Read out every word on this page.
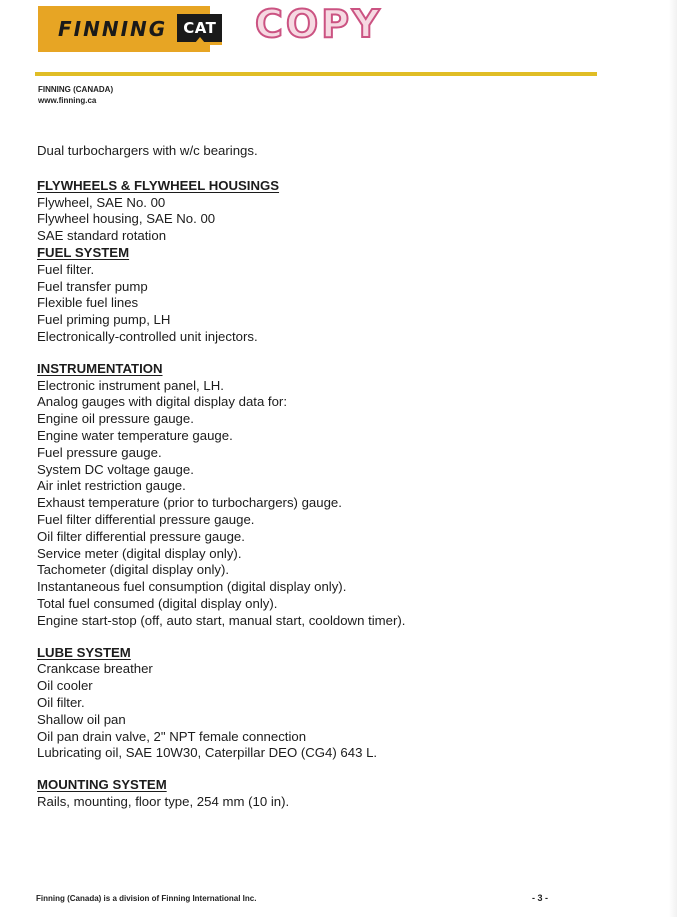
FINNING	CAT COPY
FINNING (CANADA)
www.finning.ca
Dual turbochargers with w/c bearings.
FLYWHEELS & FLYWHEEL HOUSINGS
Flywheel, SAE No. 00
Flywheel housing, SAE No. 00
SAE standard rotation
FUEL SYSTEM
Fuel filter.
Fuel transfer pump
Flexible fuel lines
Fuel priming pump, LH
Electronically-controlled unit injectors.
INSTRUMENTATION
Electronic instrument panel, LH.
Analog gauges with digital display data for:
Engine oil pressure gauge.
Engine water temperature gauge.
Fuel pressure gauge.
System DC voltage gauge.
Air inlet restriction gauge.
Exhaust temperature (prior to turbochargers) gauge.
Fuel filter differential pressure gauge.
Oil filter differential pressure gauge.
Service meter (digital display only).
Tachometer (digital display only).
Instantaneous fuel consumption (digital display only).
Total fuel consumed (digital display only).
Engine start-stop (off, auto start, manual start, cooldown timer).
LUBE SYSTEM
Crankcase breather
Oil cooler
Oil filter.
Shallow oil pan
Oil pan drain valve, 2" NPT female connection
Lubricating oil, SAE 10W30, Caterpillar DEO (CG4) 643 L.
MOUNTING SYSTEM
Rails, mounting, floor type, 254 mm (10 in).
Finning (Canada) is a division of Finning International Inc.	- 3 -
